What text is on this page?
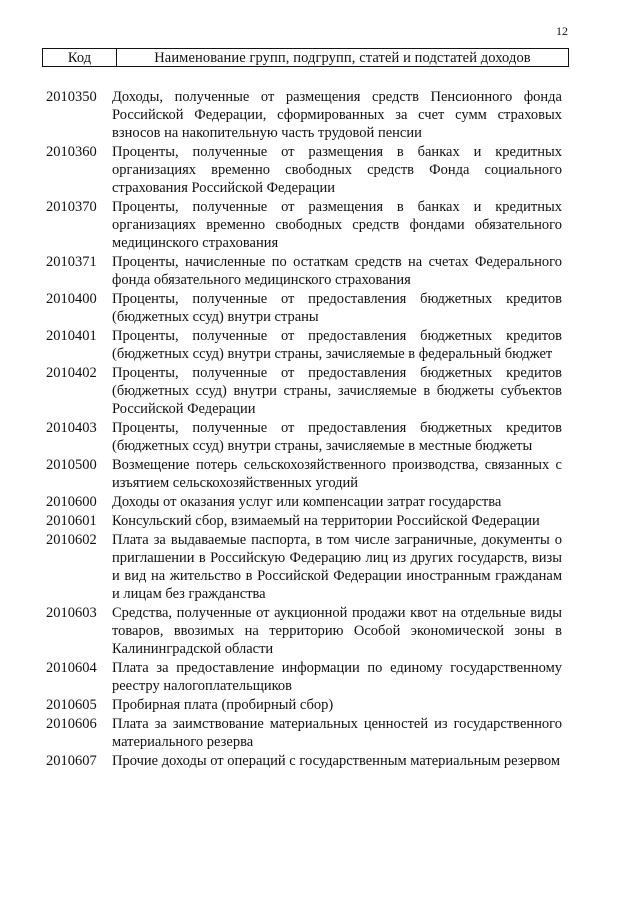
12
Код	Наименование групп, подгрупп, статей и подстатей доходов
2010350	Доходы, полученные от размещения средств Пенсионного фонда Российской Федерации, сформированных за счет сумм страховых взносов на накопительную часть трудовой пенсии
2010360	Проценты, полученные от размещения в банках и кредитных организациях временно свободных средств Фонда социального страхования Российской Федерации
2010370	Проценты, полученные от размещения в банках и кредитных организациях временно свободных средств фондами обязательного медицинского страхования
2010371	Проценты, начисленные по остаткам средств на счетах Федерального фонда обязательного медицинского страхования
2010400	Проценты, полученные от предоставления бюджетных кредитов (бюджетных ссуд) внутри страны
2010401	Проценты, полученные от предоставления бюджетных кредитов (бюджетных ссуд) внутри страны, зачисляемые в федеральный бюджет
2010402	Проценты, полученные от предоставления бюджетных кредитов (бюджетных ссуд) внутри страны, зачисляемые в бюджеты субъектов Российской Федерации
2010403	Проценты, полученные от предоставления бюджетных кредитов (бюджетных ссуд) внутри страны, зачисляемые в местные бюджеты
2010500	Возмещение потерь сельскохозяйственного производства, связанных с изъятием сельскохозяйственных угодий
2010600	Доходы от оказания услуг или компенсации затрат государства
2010601	Консульский сбор, взимаемый на территории Российской Федерации
2010602	Плата за выдаваемые паспорта, в том числе заграничные, документы о приглашении в Российскую Федерацию лиц из других государств, визы и вид на жительство в Российской Федерации иностранным гражданам и лицам без гражданства
2010603	Средства, полученные от аукционной продажи квот на отдельные виды товаров, ввозимых на территорию Особой экономической зоны в Калининградской области
2010604	Плата за предоставление информации по единому государственному реестру налогоплательщиков
2010605	Пробирная плата (пробирный сбор)
2010606	Плата за заимствование материальных ценностей из государственного материального резерва
2010607	Прочие доходы от операций с государственным материальным резервом
